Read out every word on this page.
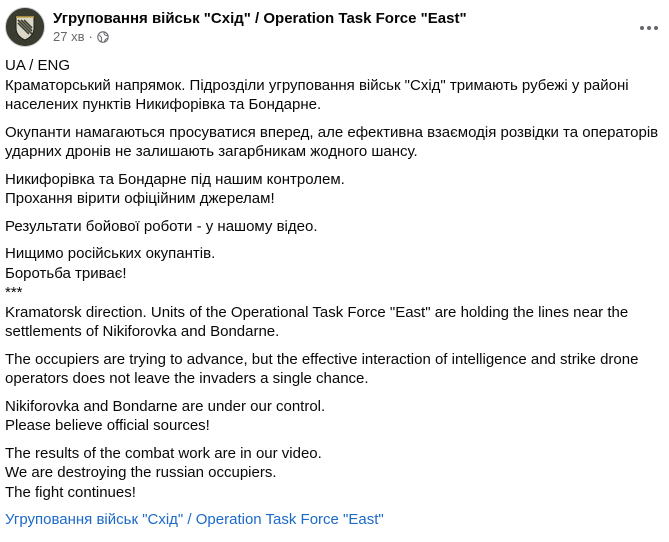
Угруповання військ "Схід" / Operation Task Force "East"
27 хв ·

UA / ENG
Краматорський напрямок. Підрозділи угруповання військ "Схід" тримають рубежі у районі
населених пунктів Никифорівка та Бондарне.

Окупанти намагаються просуватися вперед, але ефективна взаємодія розвідки та операторів
ударних дронів не залишають загарбникам жодного шансу.

Никифорівка та Бондарне під нашим контролем.
Прохання вірити офіційним джерелам!

Результати бойової роботи - у нашому відео.

Нищимо російських окупантів.
Боротьба триває!
***
Kramatorsk direction. Units of the Operational Task Force "East" are holding the lines near the
settlements of Nikiforovka and Bondarne.

The occupiers are trying to advance, but the effective interaction of intelligence and strike drone
operators does not leave the invaders a single chance.

Nikiforovka and Bondarne are under our control.
Please believe official sources!

The results of the combat work are in our video.
We are destroying the russian occupiers.
The fight continues!

Угруповання військ "Схід" / Operation Task Force "East"
